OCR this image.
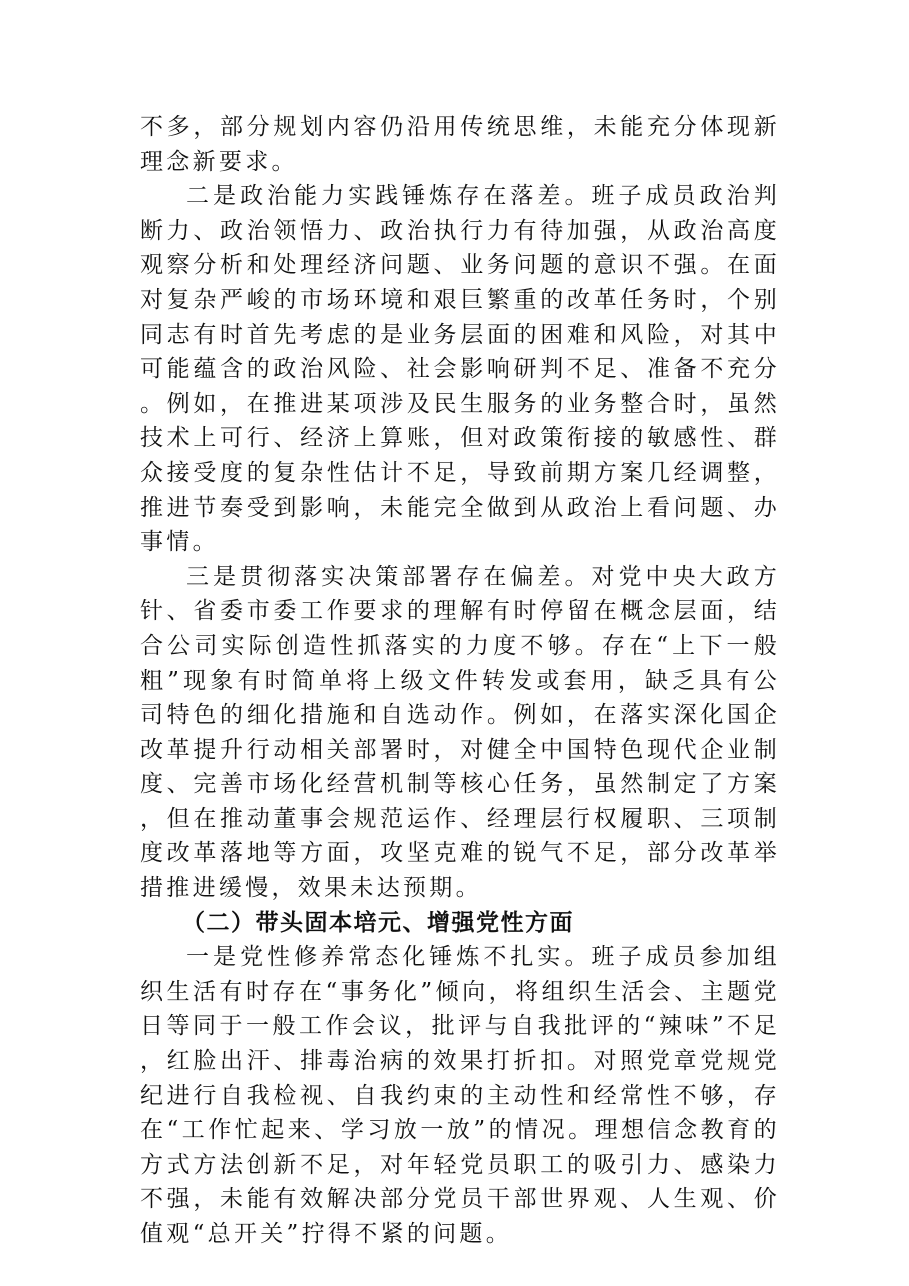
不多，部分规划内容仍沿用传统思维，未能充分体现新理念新要求。

二是政治能力实践锤炼存在落差。班子成员政治判断力、政治领悟力、政治执行力有待加强，从政治高度观察分析和处理经济问题、业务问题的意识不强。在面对复杂严峻的市场环境和艰巨繁重的改革任务时，个别同志有时首先考虑的是业务层面的困难和风险，对其中可能蕴含的政治风险、社会影响研判不足、准备不充分。例如，在推进某项涉及民生服务的业务整合时，虽然技术上可行、经济上算账，但对政策衔接的敏感性、群众接受度的复杂性估计不足，导致前期方案几经调整，推进节奏受到影响，未能完全做到从政治上看问题、办事情。

三是贯彻落实决策部署存在偏差。对党中央大政方针、省委市委工作要求的理解有时停留在概念层面，结合公司实际创造性抓落实的力度不够。存在“上下一般粗”现象有时简单将上级文件转发或套用，缺乏具有公司特色的细化措施和自选动作。例如，在落实深化国企改革提升行动相关部署时，对健全中国特色现代企业制度、完善市场化经营机制等核心任务，虽然制定了方案，但在推动董事会规范运作、经理层行权履职、三项制度改革落地等方面，攻坚克难的锐气不足，部分改革举措推进缓慢，效果未达预期。

（二）带头固本培元、增强党性方面

一是党性修养常态化锤炼不扎实。班子成员参加组织生活有时存在“事务化”倾向，将组织生活会、主题党日等同于一般工作会议，批评与自我批评的“辣味”不足，红脸出汗、排毒治病的效果打折扣。对照党章党规党纪进行自我检视、自我约束的主动性和经常性不够，存在“工作忙起来、学习放一放”的情况。理想信念教育的方式方法创新不足，对年轻党员职工的吸引力、感染力不强，未能有效解决部分党员干部世界观、人生观、价值观“总开关”拧得不紧的问题。
